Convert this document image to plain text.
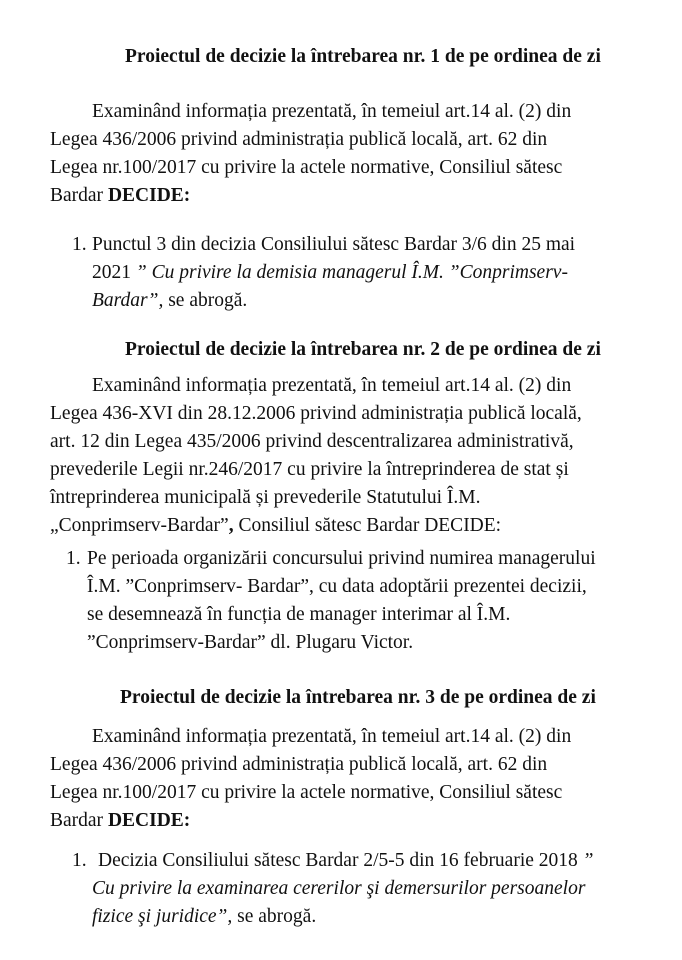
Proiectul de decizie la întrebarea nr. 1 de pe ordinea de zi
Examinând informația prezentată, în temeiul art.14 al. (2) din
Legea 436/2006 privind administrația publică locală, art. 62 din
Legea nr.100/2017 cu privire la actele normative, Consiliul sătesc
Bardar DECIDE:
1. Punctul 3 din decizia Consiliului sătesc Bardar 3/6 din 25 mai
2021 ” Cu privire la demisia managerul Î.M. ”Conprimserv-
Bardar”, se abrogă.
Proiectul de decizie la întrebarea nr. 2 de pe ordinea de zi
Examinând informația prezentată, în temeiul art.14 al. (2) din
Legea 436-XVI din 28.12.2006 privind administrația publică locală,
art. 12 din Legea 435/2006 privind descentralizarea administrativă,
prevederile Legii nr.246/2017 cu privire la întreprinderea de stat și
întreprinderea municipală și prevederile Statutului Î.M.
„Conprimserv-Bardar”, Consiliul sătesc Bardar DECIDE:
1. Pe perioada organizării concursului privind numirea managerului
Î.M. ”Conprimserv- Bardar”, cu data adoptării prezentei decizii,
se desemnează în funcția de manager interimar al Î.M.
”Conprimserv-Bardar” dl. Plugaru Victor.
Proiectul de decizie la întrebarea nr. 3 de pe ordinea de zi
Examinând informația prezentată, în temeiul art.14 al. (2) din
Legea 436/2006 privind administrația publică locală, art. 62 din
Legea nr.100/2017 cu privire la actele normative, Consiliul sătesc
Bardar DECIDE:
1. Decizia Consiliului sătesc Bardar 2/5-5 din 16 februarie 2018 ”
Cu privire la examinarea cererilor şi demersurilor persoanelor
fizice şi juridice”, se abrogă.
